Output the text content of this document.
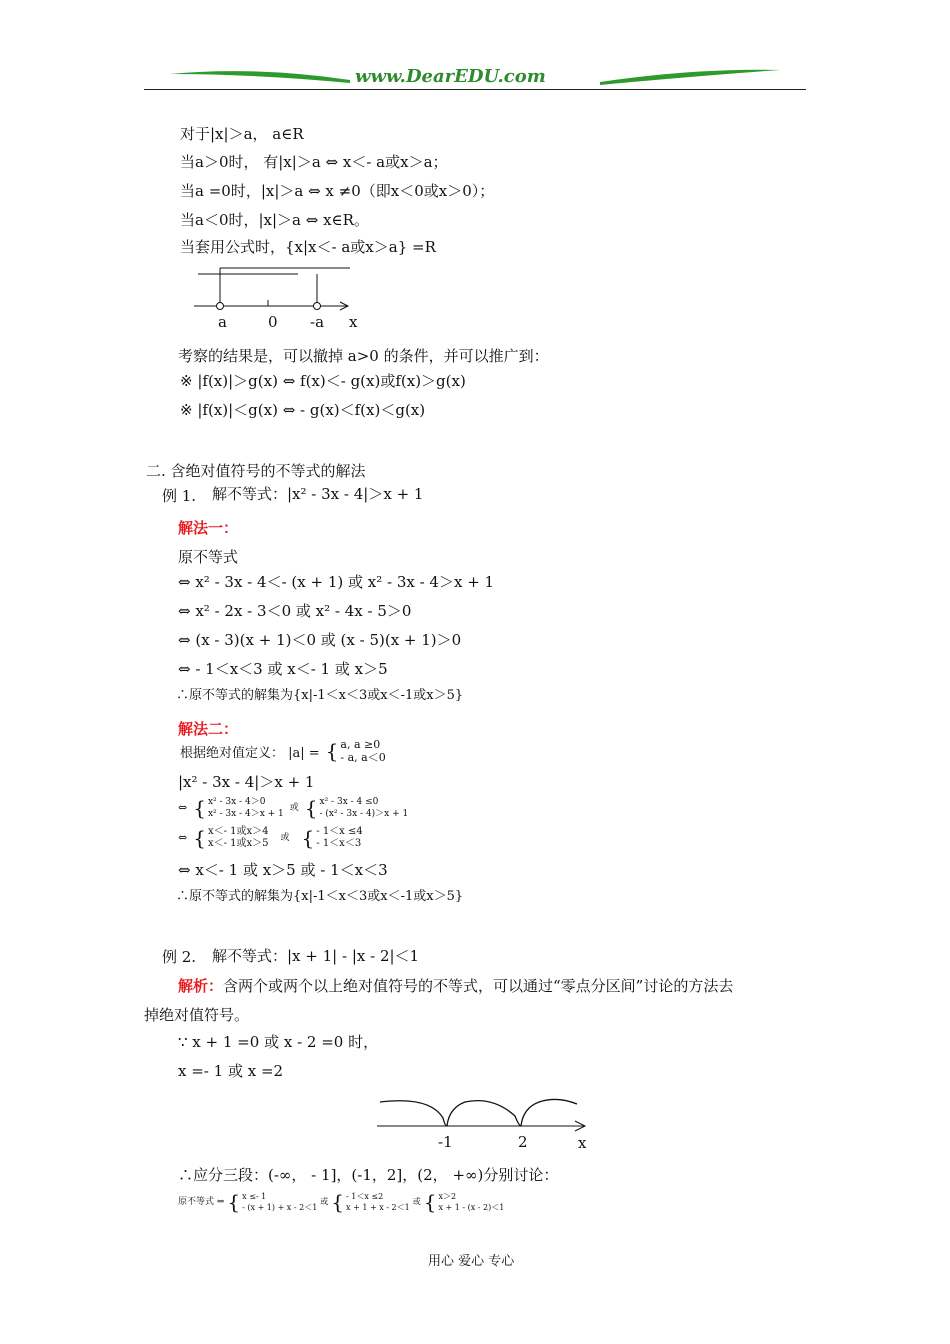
www.DearEDU.com
对于|x|＞a， a∈R
当a＞0时， 有|x|＞a ⇔ x＜- a或x＞a；
当a =0时，|x|＞a ⇔ x ≠0（即x＜0或x＞0）；
当a＜0时，|x|＞a ⇔ x∈R。
当套用公式时，{x|x＜- a或x＞a} =R
a	0 -a x
考察的结果是，可以撤掉 a>0 的条件，并可以推广到：
※ |f(x)|＞g(x) ⇔ f(x)＜- g(x)或f(x)＞g(x)
※ |f(x)|＜g(x) ⇔ - g(x)＜f(x)＜g(x)
二. 含绝对值符号的不等式的解法
例 1. 解不等式：|x² - 3x - 4|＞x + 1
解法一：
原不等式
⇔ x² - 3x - 4＜- (x + 1) 或 x² - 3x - 4＞x + 1
⇔ x² - 2x - 3＜0 或 x² - 4x - 5＞0
⇔ (x - 3)(x + 1)＜0 或 (x - 5)(x + 1)＞0
⇔ - 1＜x＜3 或 x＜- 1 或 x＞5
∴原不等式的解集为{x|-1＜x＜3或x＜-1或x＞5}
解法二：
根据绝对值定义： |a| = { a, a ≥0
- a, a＜0
|x² - 3x - 4|＞x + 1
⇔ { x² - 3x - 4＞0
x² - 3x - 4＞x + 1
或 { x² - 3x - 4 ≤0
- (x² - 3x - 4)＞x + 1
⇔ { x＜- 1或x＞4
x＜- 1或x＞5 或 { - 1＜x ≤4
- 1＜x＜3
⇔ x＜- 1 或 x＞5 或 - 1＜x＜3
∴原不等式的解集为{x|-1＜x＜3或x＜-1或x＞5}
例 2. 解不等式：|x + 1| - |x - 2|＜1
解析：含两个或两个以上绝对值符号的不等式，可以通过“零点分区间”讨论的方法去
掉绝对值符号。
∵ x + 1 =0 或 x - 2 =0 时，
x =- 1 或 x =2
-1	2	x
∴应分三段：(-∞， - 1]，(-1，2]，(2， +∞)分别讨论：
原不等式 ⇔ { x ≤- 1
- (x + 1) + x - 2＜1
或 { - 1＜x ≤2
x + 1 + x - 2＜1
或 { x＞2
x + 1 - (x - 2)＜1
用心 爱心 专心
